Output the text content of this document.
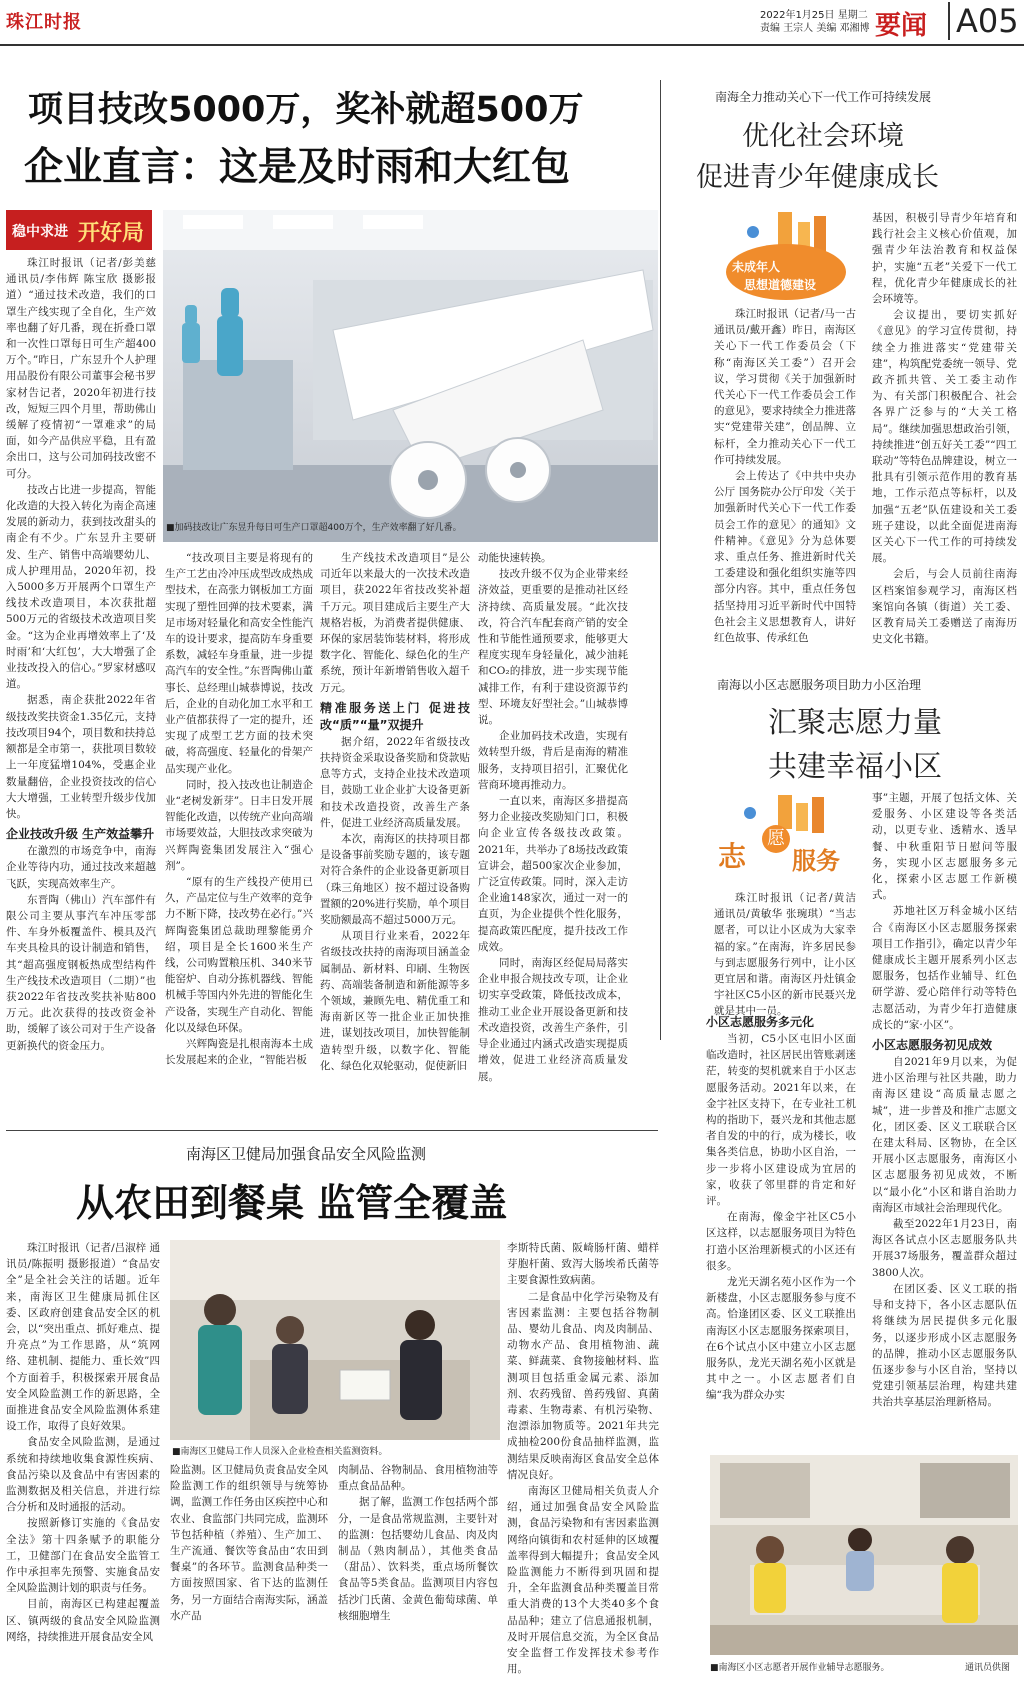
珠江时报	2022年1月25日 星期二
责编 王宗人 美编 邓湘博 要闻 A05
项目技改5000万，奖补就超500万
企业直言：这是及时雨和大红包
稳中求进 开好局
■加码技改让广东昱升每日可生产口罩超400万个，生产效率翻了好几番。

珠江时报讯（记者/彭美慈 通讯员/李伟辉 陈宝欣 摄影报道）“通过技术改造，我们的口罩生产线实现了全自化，生产效率也翻了好几番，现在折叠口罩和一次性口罩每日可生产超400万个。”昨日，广东昱升个人护理用品股份有限公司董事会秘书罗家材告记者，2020年初进行技改，短短三四个月里，帮助佛山缓解了疫情初“一罩难求”的局面，如今产品供应平稳，且有盈余出口，这与公司加码技改密不可分。

技改占比进一步提高，智能化改造的大投入转化为南企高速发展的新动力，获到技改甜头的南企有不少。广东昱升主要研发、生产、销售中高端婴幼儿、成人护理用品，2020年初，投入5000多万开展两个口罩生产线技术改造项目，本次获批超500万元的省级技术改造项目奖金。“这为企业再增效率上了‘及时雨’和‘大红包’，大大增强了企业技改投入的信心。”罗家材感叹道。

据悉，南企获批2022年省级技改奖扶资金1.35亿元，支持技改项目94个，项目数和扶持总额都是全市第一，获批项目数较上一年度猛增104%，受惠企业数量翻倍，企业投资技改的信心大大增强，工业转型升级步伐加快。

企业技改升级 生产效益攀升

在激烈的市场竞争中，南海企业等待内功，通过技改来超越飞跃，实现高效率生产。

东晋陶（佛山）汽车部件有限公司主要从事汽车冲压零部件、车身外板覆盖件、模具及汽车夹具检具的设计制造和销售，其“超高强度钢板热成型结构件生产线技术改造项目（二期）”也获2022年省技改奖扶补贴800万元。此次获得的技改资金补助，缓解了该公司对于生产设备更新换代的资金压力。

“技改项目主要是将现有的生产工艺由冷冲压成型改成热成型技术，在高张力钢板加工方面实现了塑性回弹的技术要素，满足市场对轻量化和高安全性能汽车的设计要求，提高防车身重要系数，减轻车身重量，进一步提高汽车的安全性。”东晋陶佛山董事长、总经理山城恭博说，技改后，企业的自动化加工水平和工业产值都获得了一定的提升，还实现了成型工艺方面的技术突破，将高强度、轻量化的骨架产品实现产业化。

同时，投入技改也让制造企业“老树发新芽”。日丰日发开展智能化改造，以传统产业向高端市场要效益，大胆技改求突破为兴辉陶瓷集团发展注入“强心剂”。

“原有的生产线投产使用已久，产品定位与生产效率的竞争力不断下降，技改势在必行。”兴辉陶瓷集团总裁助理黎能勇介绍，项目是全长1600米生产线，公司购置粮压机、340米节能窑炉、自动分拣机器线、智能机械手等国内外先进的智能化生产设备，实现生产自动化、智能化以及绿色环保。

兴辉陶瓷是扎根南海本土成长发展起来的企业，“智能岩板

生产线技术改造项目”是公司近年以来最大的一次技术改造项目，获2022年省技改奖补超千万元。项目建成后主要生产大规格岩板，为消费者提供健康、环保的家居装饰装材料，将形成数字化、智能化、绿色化的生产系统，预计年新增销售收入超千万元。

精准服务送上门 促进技改“质”“量”双提升

据介绍，2022年省级技改扶持资金采取设备奖励和贷款贴息等方式，支持企业技术改造项目，鼓励工业企业扩大设备更新和技术改造投资，改善生产条件，促进工业经济高质量发展。

本次，南海区的扶持项目都是设备事前奖励专题的，该专题对符合条件的企业设备更新项目（珠三角地区）按不超过设备购置额的20%进行奖励，单个项目奖励额最高不超过5000万元。

从项目行业来看，2022年省级技改扶持的南海项目涵盖金属制品、新材料、印刷、生物医药、高端装备制造和新能源等多个领域，兼顾先电、精优重工和海南新区等一批企业正加快推进，谋划技改项目，加快智能制造转型升级，以数字化、智能化、绿色化双轮驱动，促使新旧

动能快速转换。

技改升级不仅为企业带来经济效益，更重要的是推动社区经济持续、高质量发展。“此次技改，符合汽车配套商产销的安全性和节能性通预要求，能够更大程度实现车身轻量化，减少油耗和CO₂的排放，进一步实现节能减排工作，有利于建设资源节约型、环境友好型社会。”山城恭博说。

企业加码技术改造，实现有效转型升级，背后是南海的精准服务，支持项目招引，汇聚优化营商环境再推动力。

一直以来，南海区多措提高努力企业接改奖励知门口，积极向企业宣传各级技改政策。2021年，共举办了8场技改政策宣讲会，超500家次企业参加，广泛宣传政策。同时，深入走访企业逾148家次，通过一对一的直页，为企业提供个性化服务，提高政策匹配度，提升技改工作成效。

同时，南海区经促局局落实企业申报合规技改专项，让企业切实享受政策，降低技改成本，推动工业企业开展设备更新和技术改造投资，改善生产条件，引导企业通过内涵式改造实现提质增效，促进工业经济高质量发展。

南海全力推动关心下一代工作可持续发展
优化社会环境
促进青少年健康成长
未成年人
思想道德建设

珠江时报讯（记者/马一古 通讯员/戴开鑫）昨日，南海区关心下一代工作委员会（下称“南海区关工委”）召开会议，学习贯彻《关于加强新时代关心下一代工作委员会工作的意见》，要求持续全力推进落实“党建带关建”，创品牌、立标杆，全力推动关心下一代工作可持续发展。

会上传达了《中共中央办公厅 国务院办公厅印发〈关于加强新时代关心下一代工作委员会工作的意见〉的通知》文件精神。《意见》分为总体要求、重点任务、推进新时代关工委建设和强化组织实施等四部分内容。其中，重点任务包括坚持用习近平新时代中国特色社会主义思想教育人，讲好红色故事、传承红色

基因，积极引导青少年培育和践行社会主义核心价值观，加强青少年法治教育和权益保护，实施“五老”关爱下一代工程，优化青少年健康成长的社会环境等。

会议提出，要切实抓好《意见》的学习宣传贯彻，持续全力推进落实“党建带关建”，构筑配党委统一领导、党政齐抓共管、关工委主动作为、有关部门积极配合、社会各界广泛参与的“大关工格局”。继续加强思想政治引领，持续推进“创五好关工委”“四工联动”等特色品牌建设，树立一批具有引领示范作用的教育基地，工作示范点等标杆，以及加强“五老”队伍建设和关工委班子建设，以此全面促进南海区关心下一代工作的可持续发展。

会后，与会人员前往南海区档案馆参观学习，南海区档案馆向各镇（街道）关工委、区教育局关工委赠送了南海历史文化书籍。

南海以小区志愿服务项目助力小区治理
汇聚志愿力量
共建幸福小区
志
愿
服务

珠江时报讯（记者/黄洁 通讯员/黄敏华 张琬琪）“当志愿者，可以让小区成为大家幸福的家。”在南海，许多居民参与到志愿服务行列中，让小区更宜居和谐。南海区丹灶镇金宇社区C5小区的新市民聂兴龙就是其中一员。

小区志愿服务多元化

当初，C5小区屯旧小区面临改造时，社区居民出管账剥迷茫，转变的契机就来自于小区志愿服务活动。2021年以来，在金宇社区支持下，在专业社工机构的指助下，聂兴龙和其他志愿者自发的中的行，成为楼长，收集各类信息，协助小区自治，一步一步将小区建设成为宜居的家，收获了邻里群的肯定和好评。

在南海，像金宇社区C5小区这样，以志愿服务项目为特色打造小区治理新模式的小区还有很多。

龙光天湖名苑小区作为一个新楼盘，小区志愿服务参与度不高。恰逢团区委、区义工联推出南海区小区志愿服务探索项目，在6个试点小区中建立小区志愿服务队，龙光天湖名苑小区就是其中之一。小区志愿者们自编“我为群众办实

事”主题，开展了包括文体、关爱服务、小区建设等各类活动，以更专业、透精水、透早餐、中秋重阳节日慰问等服务，实现小区志愿服务多元化，探索小区志愿工作新模式。

苏地社区万科金城小区结合《南海区小区志愿服务探索项目工作指引》，确定以青少年健康成长主题开展系列小区志愿服务，包括作业辅导、红色研学游、爱心陪伴行动等特色志愿活动，为青少年打造健康成长的“家·小区”。

小区志愿服务初见成效

自2021年9月以来，为促进小区治理与社区共融，助力南海区建设“高质量志愿之城”，进一步普及和推广志愿文化，团区委、区义工联联合区在建太科局、区物协，在全区开展小区志愿服务，南海区小区志愿服务初见成效，不断以“最小化”小区和谐自治助力南海区市域社会治理现代化。

截至2022年1月23日，南海区各试点小区志愿服务队共开展37场服务，覆盖群众超过3800人次。

在团区委、区义工联的指导和支持下，各小区志愿队伍将继续为居民提供多元化服务，以逐步形成小区志愿服务的品牌，推动小区志愿服务队伍逐步参与小区自治，坚持以党建引领基层治理，构建共建共治共享基层治理新格局。

■南海区小区志愿者开展作业辅导志愿服务。	通讯员供图
南海区卫健局加强食品安全风险监测
从农田到餐桌 监管全覆盖
■南海区卫健局工作人员深入企业检查相关监测资料。

珠江时报讯（记者/吕淑梓 通讯员/陈振明 摄影报道）“食品安全”是全社会关注的话题。近年来，南海区卫生健康局抓住区委、区政府创建食品安全区的机会，以“突出重点、抓好难点、提升亮点”为工作思路，从“筑网络、建机制、提能力、重长效”四个方面着手，积极探索开展食品安全风险监测工作的新思路，全面推进食品安全风险监测体系建设工作，取得了良好效果。

食品安全风险监测，是通过系统和持续地收集食源性疾病、食品污染以及食品中有害因素的监测数据及相关信息，并进行综合分析和及时通报的活动。

按照新修订实施的《食品安全法》第十四条赋予的职能分工，卫健部门在食品安全监管工作中承担率先预警、实施食品安全风险监测计划的职责与任务。

目前，南海区已构建起覆盖区、镇两级的食品安全风险监测网络，持续推进开展食品安全风

险监测。区卫健局负责食品安全风险监测工作的组织领导与统筹协调，监测工作任务由区疾控中心和农业、食监部门共同完成，监测环节包括种植（养殖）、生产加工、生产流通、餐饮等食品由“农田到餐桌”的各环节。监测食品种类一方面按照国家、省下达的监测任务，另一方面结合南海实际，涵盖水产品

肉制品、谷物制品、食用植物油等重点食品品种。

据了解，监测工作包括两个部分，一是食品常规监测，主要针对的监测：包括婴幼儿食品、肉及肉制品（熟肉制品），其他类食品（甜品）、饮料类，重点场所餐饮食品等5类食品。监测项目内容包括沙门氏菌、金黄色葡萄球菌、单核细胞增生

李斯特氏菌、阪崎肠杆菌、蜡样芽胞杆菌、致泻大肠埃希氏菌等主要食源性致病菌。

二是食品中化学污染物及有害因素监测：主要包括谷物制品、婴幼儿食品、肉及肉制品、动物水产品、食用植物油、蔬菜、鲜蔬菜、食物接触材料、监测项目包括重金属元素、添加剂、农药残留、兽药残留、真菌毒素、生物毒素、有机污染物、泡漂添加物质等。2021年共完成抽检200份食品抽样监测，监测结果反映南海区食品安全总体情况良好。

南海区卫健局相关负责人介绍，通过加强食品安全风险监测，食品污染物和有害因素监测网络向镇街和农村延伸的区域覆盖率得到大幅提升；食品安全风险监测能力不断得到巩固和提升，全年监测食品种类覆盖目常重大消费的13个大类40多个食品品种；建立了信息通报机制，及时开展信息交流，为全区食品安全监督工作发挥技术参考作用。
